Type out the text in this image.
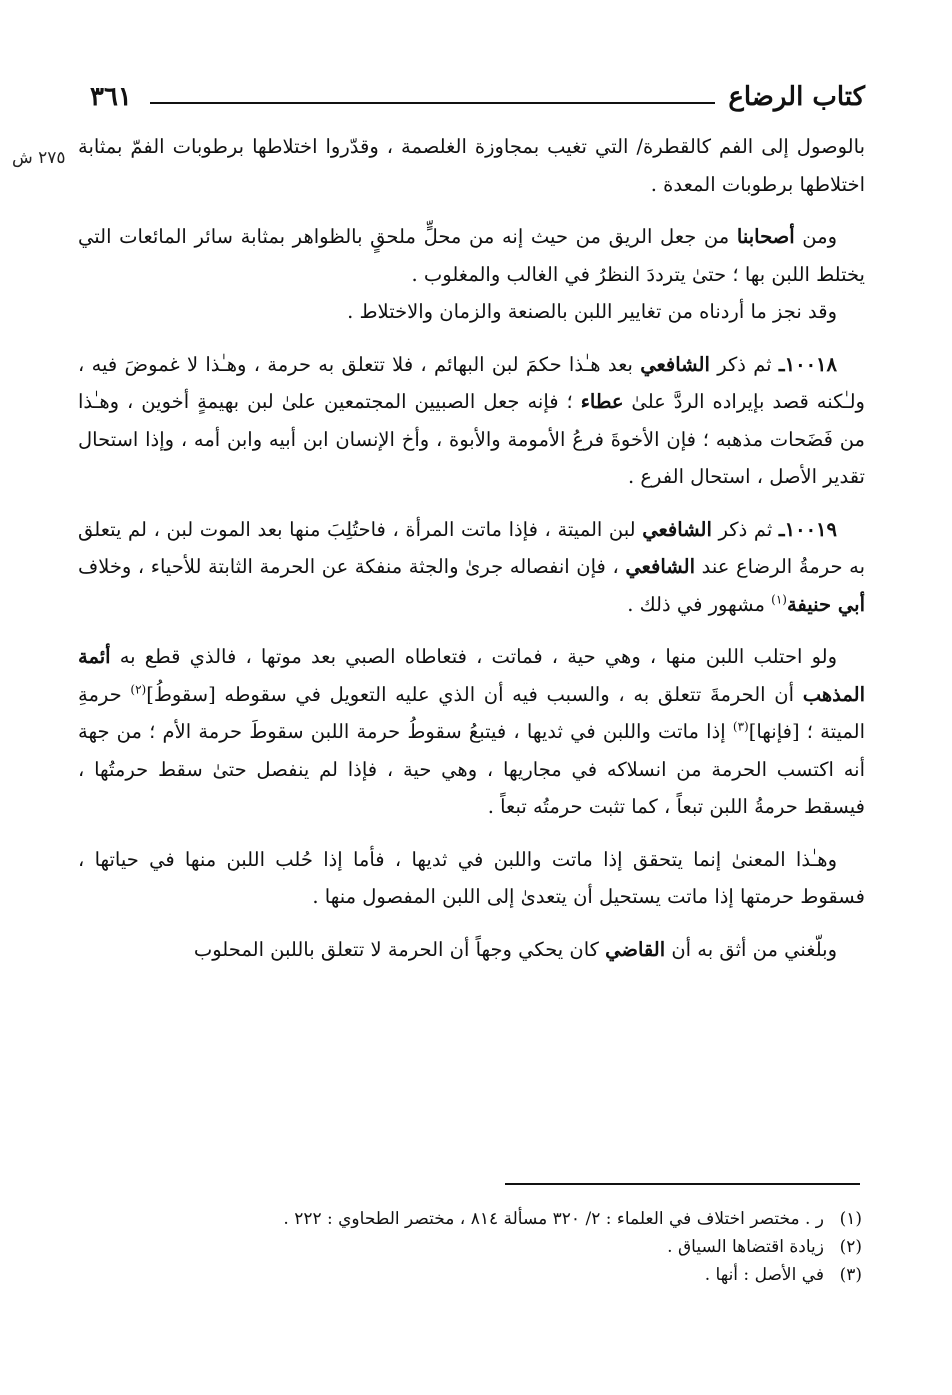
كتاب الرضاع
٣٦١
٢٧٥ ش بالوصول إلى الفم كالقطرة/ التي تغيب بمجاوزة الغلصمة ، وقدّروا اختلاطها برطوبات الفمّ بمثابة اختلاطها برطوبات المعدة .

ومن أصحابنا من جعل الريق من حيث إنه من محلٍّ ملحقٍ بالظواهر بمثابة سائر المائعات التي يختلط اللبن بها ؛ حتىٰ يترددَ النظرُ في الغالب والمغلوب .

وقد نجز ما أردناه من تغايير اللبن بالصنعة والزمان والاختلاط .

١٠٠١٨ـ ثم ذكر الشافعي بعد هـٰذا حكمَ لبن البهائم ، فلا تتعلق به حرمة ، وهـٰذا لا غموضَ فيه ، ولـٰكنه قصد بإيراده الردَّ علىٰ عطاء ؛ فإنه جعل الصبيين المجتمعين علىٰ لبن بهيمةٍ أخوين ، وهـٰذا من فَضَحات مذهبه ؛ فإن الأخوةَ فرعُ الأمومة والأبوة ، وأخ الإنسان ابن أبيه وابن أمه ، وإذا استحال تقدير الأصل ، استحال الفرع .

١٠٠١٩ـ ثم ذكر الشافعي لبن الميتة ، فإذا ماتت المرأة ، فاحتُلِبَ منها بعد الموت لبن ، لم يتعلق به حرمةُ الرضاع عند الشافعي ، فإن انفصاله جرىٰ والجثة منفكة عن الحرمة الثابتة للأحياء ، وخلاف أبي حنيفة$^{(١)}$ مشهور في ذلك .

ولو احتلب اللبن منها ، وهي حية ، فماتت ، فتعاطاه الصبي بعد موتها ، فالذي قطع به أئمة المذهب أن الحرمةَ تتعلق به ، والسبب فيه أن الذي عليه التعويل في سقوطه [سقوطُ]$^{(٢)}$ حرمةِ الميتة ؛ [فإنها]$^{(٣)}$ إذا ماتت واللبن في ثديها ، فيتبعُ سقوطُ حرمة اللبن سقوطَ حرمة الأم ؛ من جهة أنه اكتسب الحرمة من انسلاكه في مجاريها ، وهي حية ، فإذا لم ينفصل حتىٰ سقط حرمتُها ، فيسقط حرمةُ اللبن تبعاً ، كما تثبت حرمتُه تبعاً .

وهـٰذا المعنىٰ إنما يتحقق إذا ماتت واللبن في ثديها ، فأما إذا حُلب اللبن منها في حياتها ، فسقوط حرمتها إذا ماتت يستحيل أن يتعدىٰ إلى اللبن المفصول منها .

وبلّغني من أثق به أن القاضي كان يحكي وجهاً أن الحرمة لا تتعلق باللبن المحلوب

(١)
ر . مختصر اختلاف في العلماء : ٢/ ٣٢٠ مسألة ٨١٤ ، مختصر الطحاوي : ٢٢٢ .
(٢)
زيادة اقتضاها السياق .
(٣)
في الأصل : أنها .
